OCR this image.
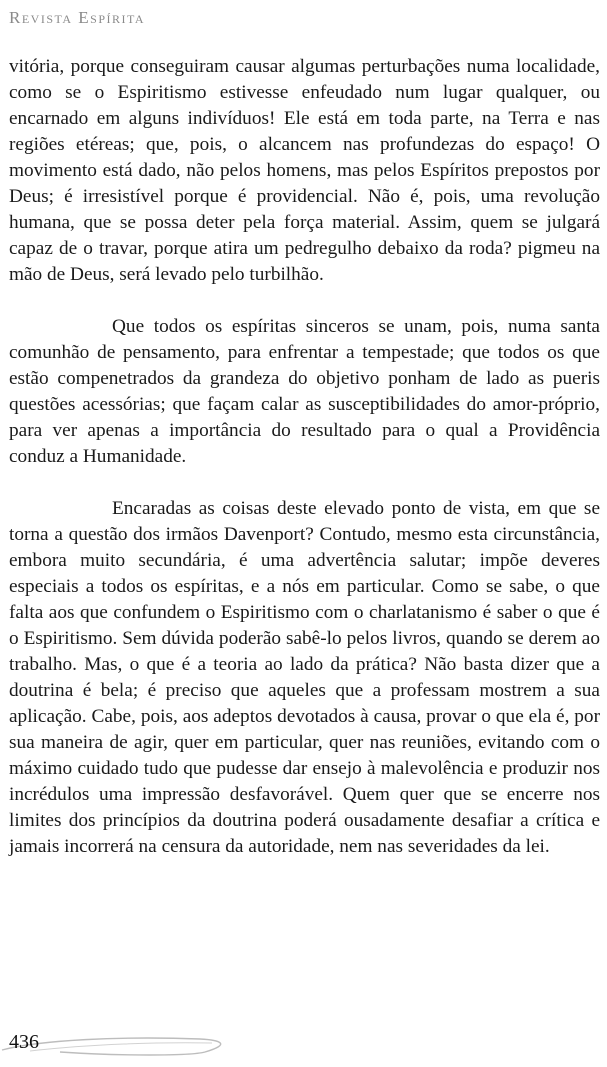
Revista Espírita

vitória, porque conseguiram causar algumas perturbações numa localidade, como se o Espiritismo estivesse enfeudado num lugar qualquer, ou encarnado em alguns indivíduos! Ele está em toda parte, na Terra e nas regiões etéreas; que, pois, o alcancem nas profundezas do espaço! O movimento está dado, não pelos homens, mas pelos Espíritos prepostos por Deus; é irresistível porque é providencial. Não é, pois, uma revolução humana, que se possa deter pela força material. Assim, quem se julgará capaz de o travar, porque atira um pedregulho debaixo da roda? pigmeu na mão de Deus, será levado pelo turbilhão.

Que todos os espíritas sinceros se unam, pois, numa santa comunhão de pensamento, para enfrentar a tempestade; que todos os que estão compenetrados da grandeza do objetivo ponham de lado as pueris questões acessórias; que façam calar as susceptibilidades do amor-próprio, para ver apenas a importância do resultado para o qual a Providência conduz a Humanidade.

Encaradas as coisas deste elevado ponto de vista, em que se torna a questão dos irmãos Davenport? Contudo, mesmo esta circunstância, embora muito secundária, é uma advertência salutar; impõe deveres especiais a todos os espíritas, e a nós em particular. Como se sabe, o que falta aos que confundem o Espiritismo com o charlatanismo é saber o que é o Espiritismo. Sem dúvida poderão sabê-lo pelos livros, quando se derem ao trabalho. Mas, o que é a teoria ao lado da prática? Não basta dizer que a doutrina é bela; é preciso que aqueles que a professam mostrem a sua aplicação. Cabe, pois, aos adeptos devotados à causa, provar o que ela é, por sua maneira de agir, quer em particular, quer nas reuniões, evitando com o máximo cuidado tudo que pudesse dar ensejo à malevolência e produzir nos incrédulos uma impressão desfavorável. Quem quer que se encerre nos limites dos princípios da doutrina poderá ousadamente desafiar a crítica e jamais incorrerá na censura da autoridade, nem nas severidades da lei.

436
